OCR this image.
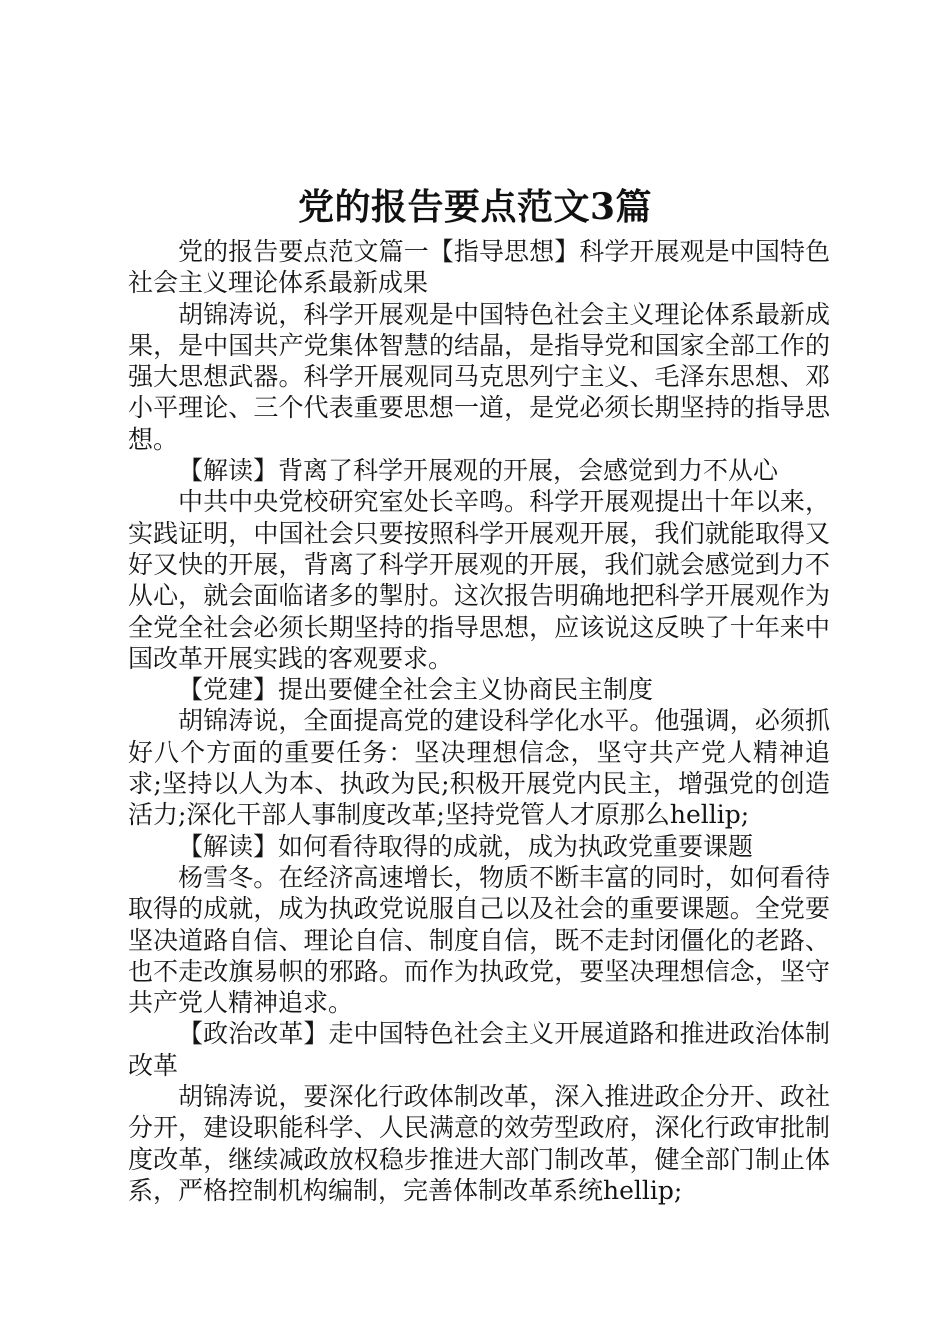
党的报告要点范文3篇

党的报告要点范文篇一【指导思想】科学开展观是中国特色社会主义理论体系最新成果

胡锦涛说，科学开展观是中国特色社会主义理论体系最新成果，是中国共产党集体智慧的结晶，是指导党和国家全部工作的强大思想武器。科学开展观同马克思列宁主义、毛泽东思想、邓小平理论、三个代表重要思想一道，是党必须长期坚持的指导思想。

【解读】背离了科学开展观的开展，会感觉到力不从心

中共中央党校研究室处长辛鸣。科学开展观提出十年以来，实践证明，中国社会只要按照科学开展观开展，我们就能取得又好又快的开展，背离了科学开展观的开展，我们就会感觉到力不从心，就会面临诸多的掣肘。这次报告明确地把科学开展观作为全党全社会必须长期坚持的指导思想，应该说这反映了十年来中国改革开展实践的客观要求。

【党建】提出要健全社会主义协商民主制度

胡锦涛说，全面提高党的建设科学化水平。他强调，必须抓好八个方面的重要任务：坚决理想信念，坚守共产党人精神追求;坚持以人为本、执政为民;积极开展党内民主，增强党的创造活力;深化干部人事制度改革;坚持党管人才原那么hellip;

【解读】如何看待取得的成就，成为执政党重要课题

杨雪冬。在经济高速增长，物质不断丰富的同时，如何看待取得的成就，成为执政党说服自己以及社会的重要课题。全党要坚决道路自信、理论自信、制度自信，既不走封闭僵化的老路、也不走改旗易帜的邪路。而作为执政党，要坚决理想信念，坚守共产党人精神追求。

【政治改革】走中国特色社会主义开展道路和推进政治体制改革

胡锦涛说，要深化行政体制改革，深入推进政企分开、政社分开，建设职能科学、人民满意的效劳型政府，深化行政审批制度改革，继续减政放权稳步推进大部门制改革，健全部门制止体系，严格控制机构编制，完善体制改革系统hellip;
